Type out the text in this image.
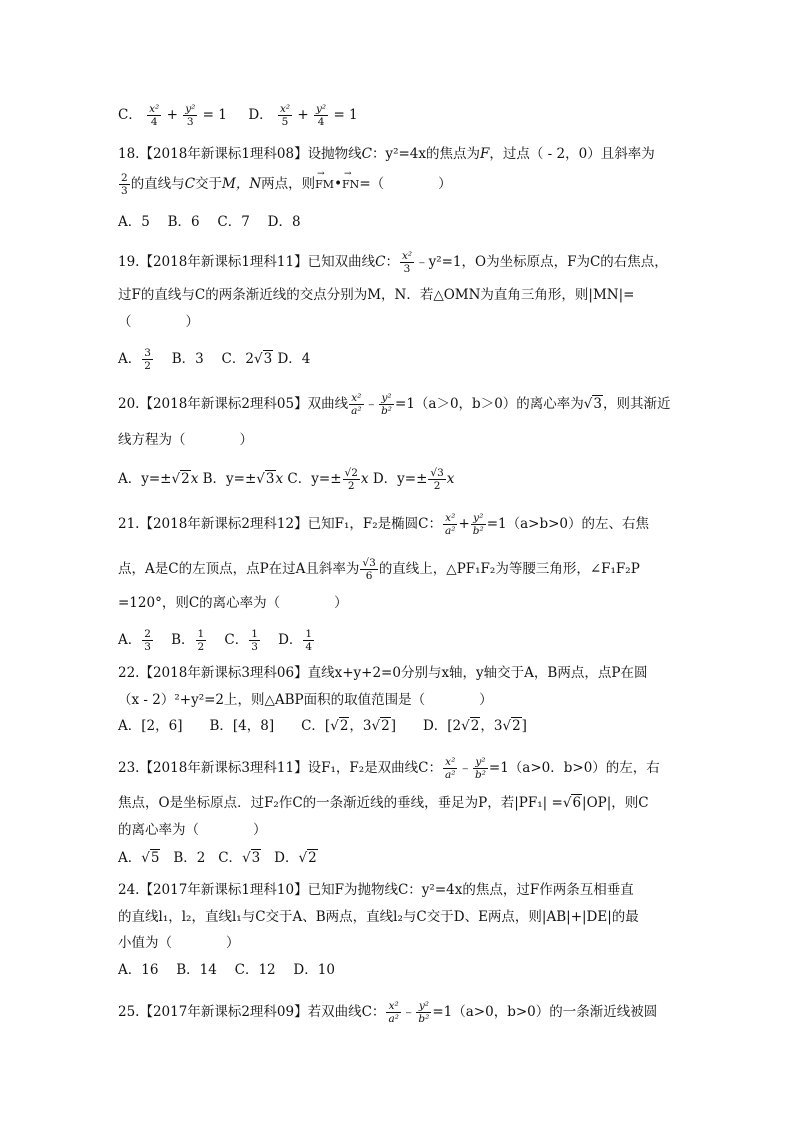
C． $\frac{\text{x²}}{4} + \frac{\text{y²}}{3} = 1$ D． $\frac{\text{x²}}{5} + \frac{\text{y²}}{4} = 1$
18.【2018年新课标1理科08】设抛物线C：y²=4x的焦点为F，过点（ - 2，0）且斜率为
$\frac{2}{3}$ 的直线与C交于M，N两点，则→ FM•→ FN=（　　　　）
A．5　 B．6　 C．7　 D．8
19.【2018年新课标1理科11】已知双曲线C： $\frac{\text{x²}}{3}$ ﹣y²=1，O为坐标原点，F为C的右焦点，
过F的直线与C的两条渐近线的交点分别为M，N．若△OMN为直角三角形，则|MN|=
（　　　　）
A． $\frac{3}{2}$ 　 B．3　 C．2√3 D．4
20.【2018年新课标2理科05】双曲线 $\frac{\text{x²}}{\text{a²}}$ ﹣ $\frac{\text{y²}}{\text{b²}} =1(a>0$，b＞0）的离心率为√3，则其渐近
线方程为（　　　　）
A．y=±√2x B．y=±√3x C．$y=\pm \frac{√2}{2}$ x D．$y=\pm \frac{√3}{2}$ x
21.【2018年新课标2理科12】已知F₁，F₂是椭圆C： $\frac{\text{x²}}{\text{a²}} + \frac{\text{y²}}{\text{b²}} =1(a>b>0)$的左、右焦
点，A是C的左顶点，点P在过A且斜率为 $\frac{√3}{6}$ 的直线上，△PF₁F₂为等腰三角形，∠F₁F₂P
=120°，则C的离心率为（　　　　）
A． $\frac{2}{3}$ B． $\frac{1}{2}$ C． $\frac{1}{3}$ D． $\frac{1}{4}$
22.【2018年新课标3理科06】直线x+y+2=0分别与x轴，y轴交于A，B两点，点P在圆
（x - 2）²+y²=2上，则△ABP面积的取值范围是（　　　　）
A．[2，6]　　B．[4，8]　　C．[√2，3√2]　　D．[2√2，3√2]
23.【2018年新课标3理科11】设F₁，F₂是双曲线C： $\frac{\text{x²}}{\text{a²}}$ ﹣ $\frac{\text{y²}}{\text{b²}} =1(a>0$．b>0）的左，右
焦点，O是坐标原点．过F₂作C的一条渐近线的垂线，垂足为P，若|PF₁| =√6|OP|，则C
的离心率为（　　　　）
A．√5 B．2 C．√3 D．√2
24.【2017年新课标1理科10】已知F为抛物线C：y²=4x的焦点，过F作两条互相垂直
的直线l₁，l₂，直线l₁与C交于A、B两点，直线l₂与C交于D、E两点，则|AB|+|DE|的最
小值为（　　　　）
A．16　 B．14　 C．12　 D．10
25.【2017年新课标2理科09】若双曲线C： $\frac{\text{x²}}{\text{a²}}$ ﹣ $\frac{\text{y²}}{\text{b²}} =1(a>0$，b>0）的一条渐近线被圆
